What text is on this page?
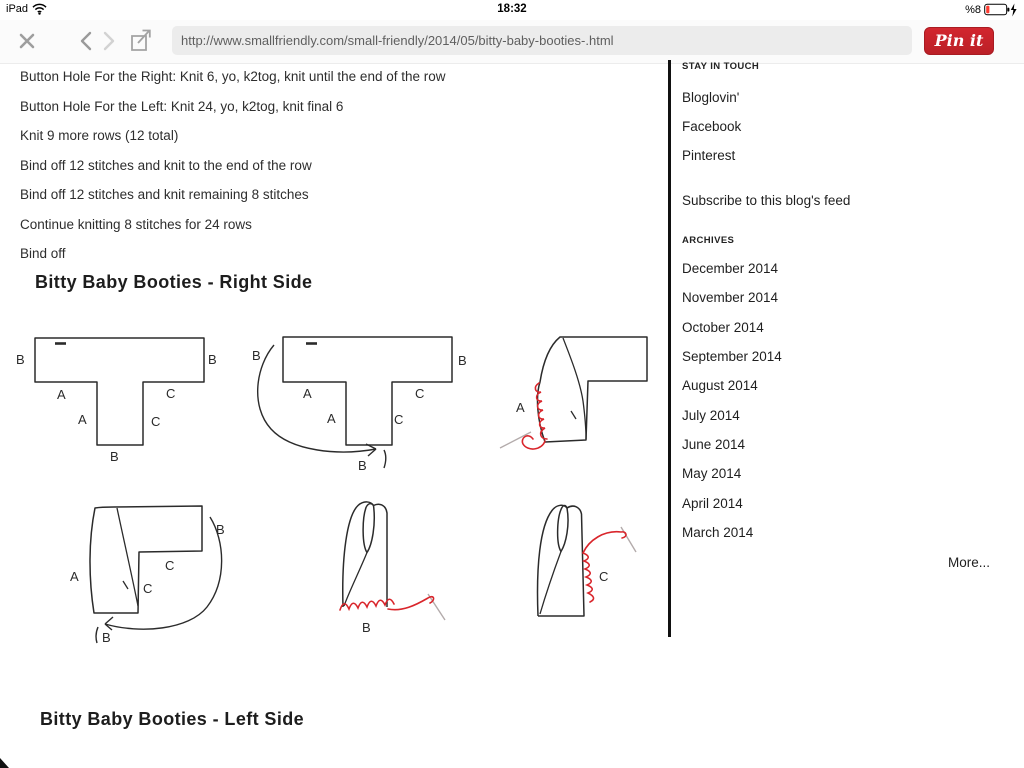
iPad	18:32	%8
http://www.smallfriendly.com/small-friendly/2014/05/bitty-baby-booties-.html	Pin it

Button Hole For the Right: Knit 6, yo, k2tog, knit until the end of the row

Button Hole For the Left: Knit 24, yo, k2tog, knit final 6

Knit 9 more rows (12 total)

Bind off 12 stitches and knit to the end of the row

Bind off 12 stitches and knit remaining 8 stitches

Continue knitting 8 stitches for 24 rows

Bind off

Bitty Baby Booties - Right Side
B	B
A	C
A	C
B
B	B
A	C
A	C
B
A
A
B
C
C
B
B
C
Bitty Baby Booties - Left Side
STAY IN TOUCH
Bloglovin'
Facebook
Pinterest
Subscribe to this blog's feed
ARCHIVES
December 2014
November 2014
October 2014
September 2014
August 2014
July 2014
June 2014
May 2014
April 2014
March 2014
More...
